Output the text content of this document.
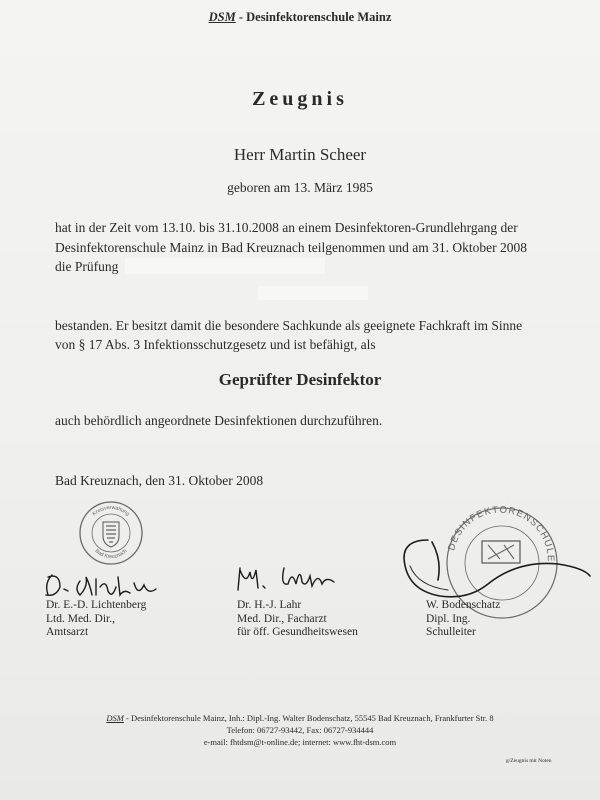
DSM - Desinfektorenschule Mainz
Zeugnis
Herr Martin Scheer
geboren am 13. März 1985
hat in der Zeit vom 13.10. bis 31.10.2008 an einem Desinfektoren-Grundlehrgang der
Desinfektorenschule Mainz in Bad Kreuznach teilgenommen und am 31. Oktober 2008
die Prüfung
bestanden. Er besitzt damit die besondere Sachkunde als geeignete Fachkraft im Sinne
von § 17 Abs. 3 Infektionsschutzgesetz und ist befähigt, als
Geprüfter Desinfektor
auch behördlich angeordnete Desinfektionen durchzuführen.
Bad Kreuznach, den 31. Oktober 2008
Kreisverwaltung
Bad Kreuznach	DESINFEKTORENSCHULE
Dr. E.-D. Lichtenberg
Ltd. Med. Dir.,
Amtsarzt
Dr. H.-J. Lahr
Med. Dir., Facharzt
für öff. Gesundheitswesen
W. Bodenschatz
Dipl. Ing.
Schulleiter
DSM - Desinfektorenschule Mainz, Inh.: Dipl.-Ing. Walter Bodenschatz, 55545 Bad Kreuznach, Frankfurter Str. 8
Telefon: 06727-93442, Fax: 06727-934444
e-mail: fhtdsm@t-online.de; internet: www.fht-dsm.com
g/Zeugnis mit Noten
